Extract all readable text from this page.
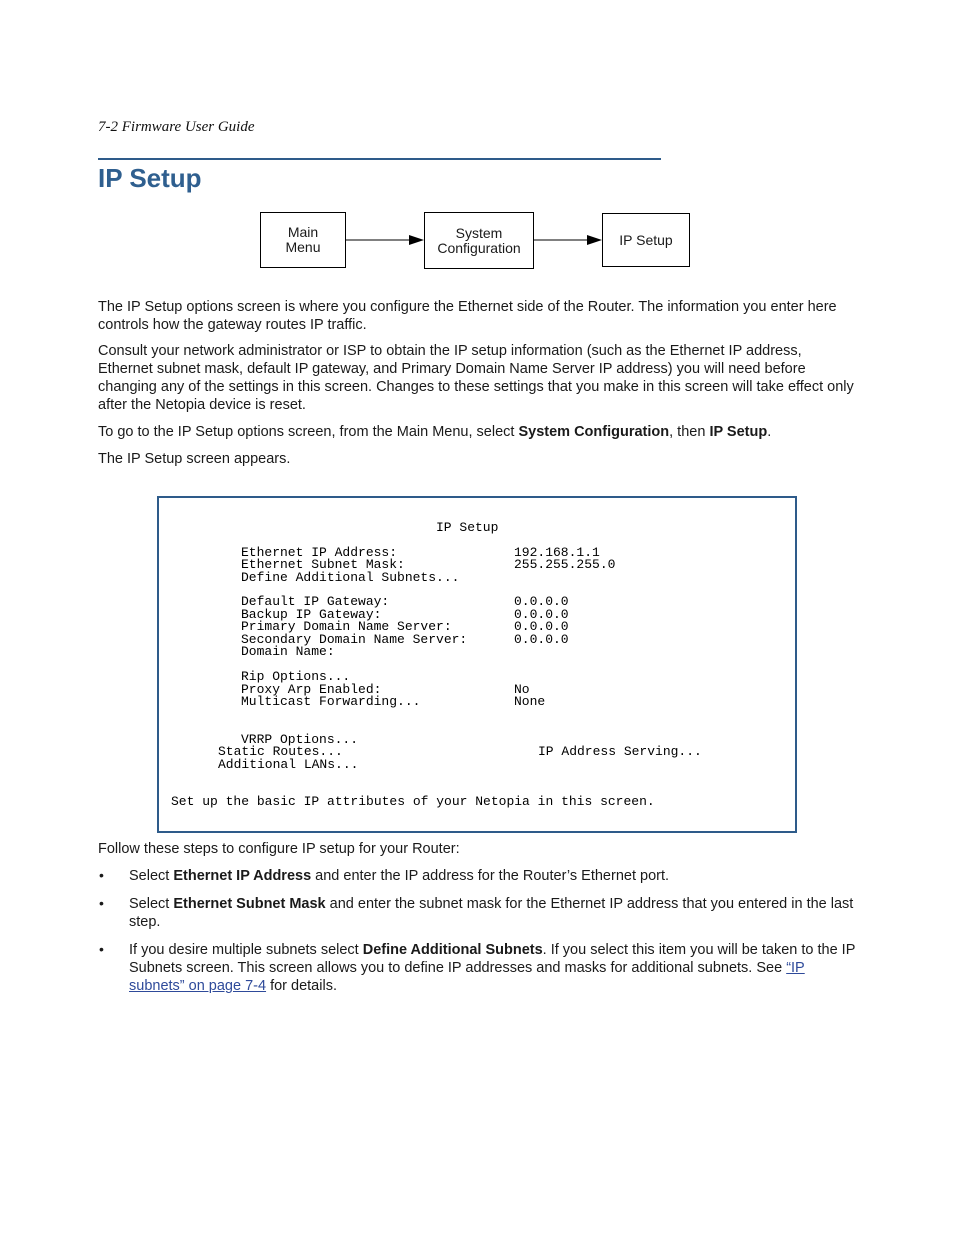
7-2 Firmware User Guide
IP Setup
Main
Menu
System
Configuration	IP Setup

The IP Setup options screen is where you configure the Ethernet side of the Router. The information you enter here controls how the gateway routes IP traffic.

Consult your network administrator or ISP to obtain the IP setup information (such as the Ethernet IP address, Ethernet subnet mask, default IP gateway, and Primary Domain Name Server IP address) you will need before changing any of the settings in this screen. Changes to these settings that you make in this screen will take effect only after the Netopia device is reset.

To go to the IP Setup options screen, from the Main Menu, select System Configuration, then IP Setup.

The IP Setup screen appears.

IP Setup
Ethernet IP Address:	192.168.1.1
Ethernet Subnet Mask:	255.255.255.0
Define Additional Subnets...
Default IP Gateway:	0.0.0.0
Backup IP Gateway:	0.0.0.0
Primary Domain Name Server:	0.0.0.0
Secondary Domain Name Server:	0.0.0.0
Domain Name:
Rip Options...
Proxy Arp Enabled:	No
Multicast Forwarding...	None
VRRP Options...
Static Routes...	IP Address Serving...
Additional LANs...
Set up the basic IP attributes of your Netopia in this screen.

Follow these steps to configure IP setup for your Router:

• Select Ethernet IP Address and enter the IP address for the Router’s Ethernet port.

• Select Ethernet Subnet Mask and enter the subnet mask for the Ethernet IP address that you entered in the last step.

• If you desire multiple subnets select Define Additional Subnets. If you select this item you will be taken to the IP Subnets screen. This screen allows you to define IP addresses and masks for additional subnets. See “IP subnets” on page 7-4 for details.
